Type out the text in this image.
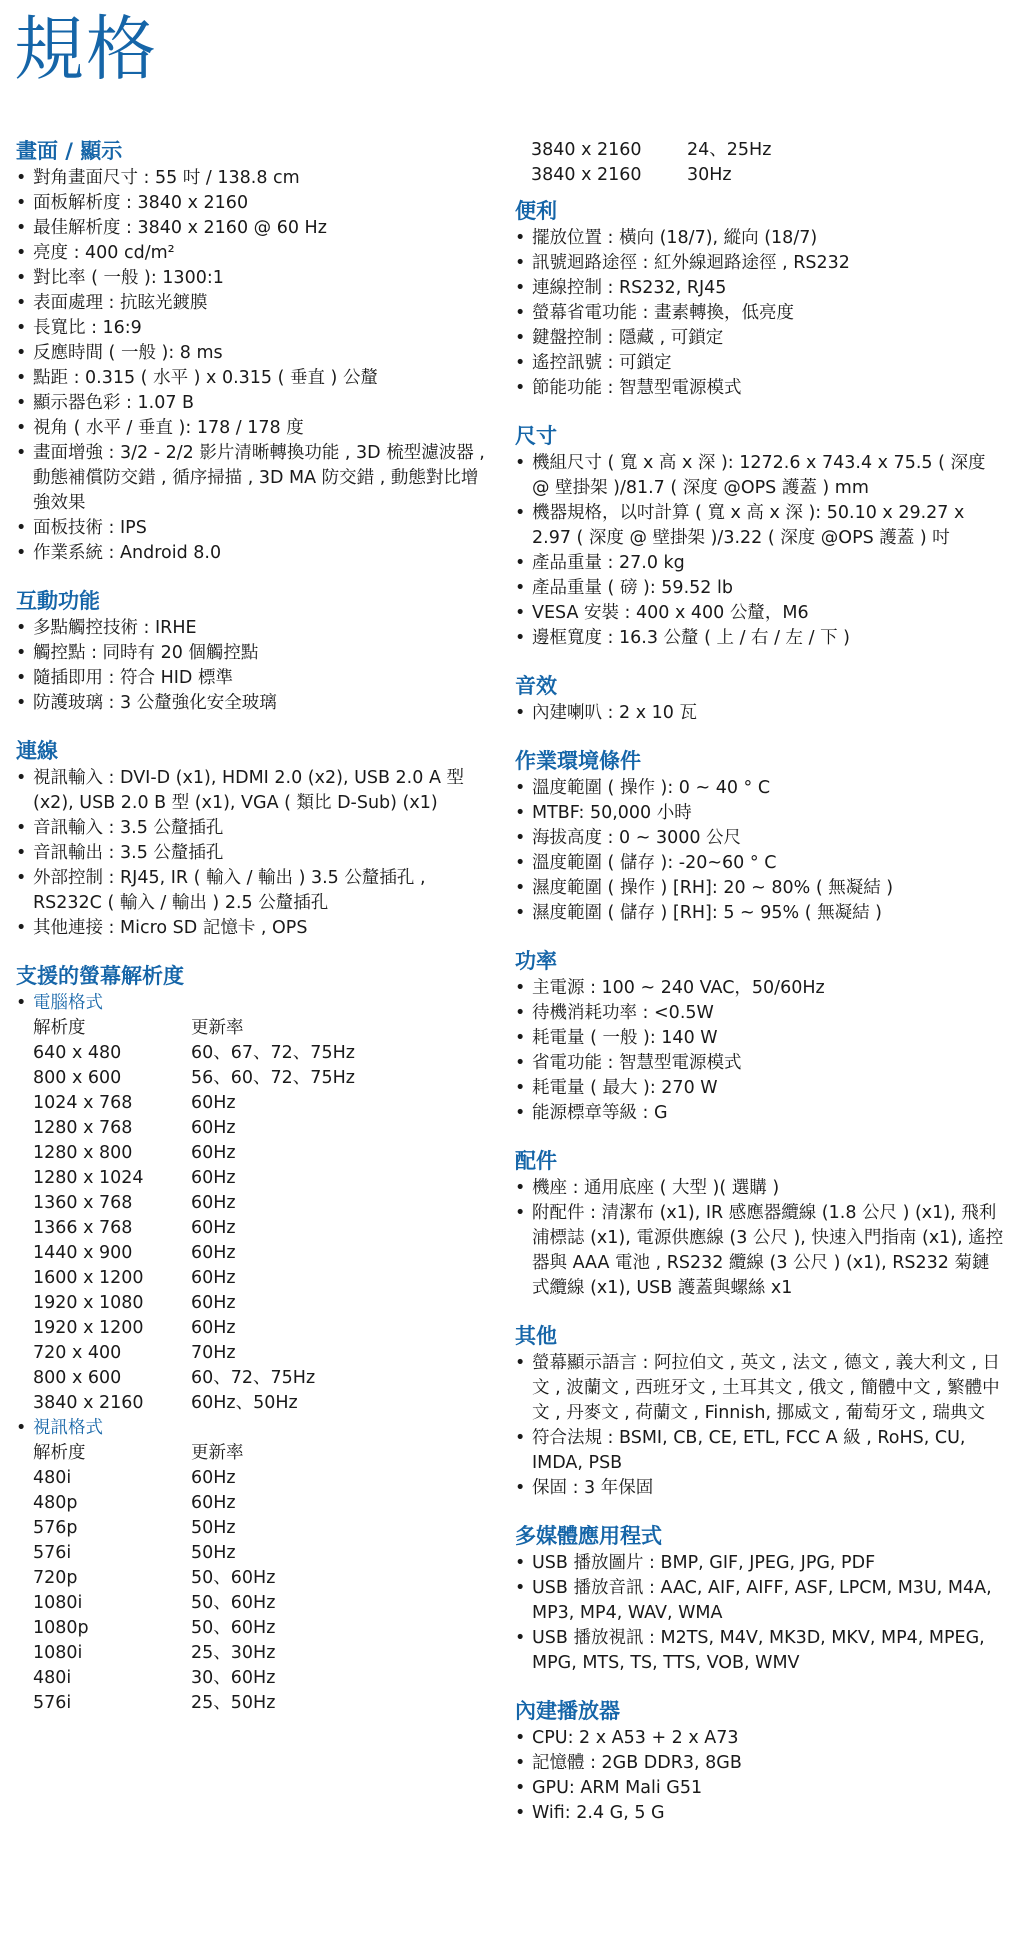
規格
畫面 / 顯示
• 對角畫面尺寸 : 55 吋 / 138.8 cm
• 面板解析度 : 3840 x 2160
• 最佳解析度 : 3840 x 2160 @ 60 Hz
• 亮度 : 400 cd/m²
• 對比率 ( 一般 ): 1300:1
• 表面處理 : 抗眩光鍍膜
• 長寬比 : 16:9
• 反應時間 ( 一般 ): 8 ms
• 點距 : 0.315 ( 水平 ) x 0.315 ( 垂直 ) 公釐
• 顯示器色彩 : 1.07 B
• 視角 ( 水平 / 垂直 ): 178 / 178 度
• 畫面增強 : 3/2 - 2/2 影片清晰轉換功能 , 3D 梳型濾波器 , 動態補償防交錯 , 循序掃描 , 3D MA 防交錯 , 動態對比增強效果
• 面板技術 : IPS
• 作業系統 : Android 8.0
互動功能
• 多點觸控技術 : IRHE
• 觸控點 : 同時有 20 個觸控點
• 隨插即用 : 符合 HID 標準
• 防護玻璃 : 3 公釐強化安全玻璃
連線
• 視訊輸入 : DVI-D (x1), HDMI 2.0 (x2), USB 2.0 A 型 (x2), USB 2.0 B 型 (x1), VGA ( 類比 D-Sub) (x1)
• 音訊輸入 : 3.5 公釐插孔
• 音訊輸出 : 3.5 公釐插孔
• 外部控制 : RJ45, IR ( 輸入 / 輸出 ) 3.5 公釐插孔 , RS232C ( 輸入 / 輸出 ) 2.5 公釐插孔
• 其他連接 : Micro SD 記憶卡 , OPS
支援的螢幕解析度
• 電腦格式
解析度	更新率
640 x 480	60、67、72、75Hz
800 x 600	56、60、72、75Hz
1024 x 768	60Hz
1280 x 768	60Hz
1280 x 800	60Hz
1280 x 1024	60Hz
1360 x 768	60Hz
1366 x 768	60Hz
1440 x 900	60Hz
1600 x 1200	60Hz
1920 x 1080	60Hz
1920 x 1200	60Hz
720 x 400	70Hz
800 x 600	60、72、75Hz
3840 x 2160	60Hz、50Hz
• 視訊格式
解析度	更新率
480i	60Hz
480p	60Hz
576p	50Hz
576i	50Hz
720p	50、60Hz
1080i	50、60Hz
1080p	50、60Hz
1080i	25、30Hz
480i	30、60Hz
576i	25、50Hz
3840 x 2160	24、25Hz
3840 x 2160	30Hz
便利
• 擺放位置 : 橫向 (18/7), 縱向 (18/7)
• 訊號迴路途徑 : 紅外線迴路途徑 , RS232
• 連線控制 : RS232, RJ45
• 螢幕省電功能 : 畫素轉換，低亮度
• 鍵盤控制 : 隱藏 , 可鎖定
• 遙控訊號 : 可鎖定
• 節能功能 : 智慧型電源模式
尺寸
• 機組尺寸 ( 寬 x 高 x 深 ): 1272.6 x 743.4 x 75.5 ( 深度 @ 壁掛架 )/81.7 ( 深度 @OPS 護蓋 ) mm
• 機器規格，以吋計算 ( 寬 x 高 x 深 ): 50.10 x 29.27 x 2.97 ( 深度 @ 壁掛架 )/3.22 ( 深度 @OPS 護蓋 ) 吋
• 產品重量 : 27.0 kg
• 產品重量 ( 磅 ): 59.52 lb
• VESA 安裝 : 400 x 400 公釐，M6
• 邊框寬度 : 16.3 公釐 ( 上 / 右 / 左 / 下 )
音效
• 內建喇叭 : 2 x 10 瓦
作業環境條件
• 溫度範圍 ( 操作 ): 0 ~ 40 ° C
• MTBF: 50,000 小時
• 海拔高度 : 0 ~ 3000 公尺
• 溫度範圍 ( 儲存 ): -20~60 ° C
• 濕度範圍 ( 操作 ) [RH]: 20 ~ 80% ( 無凝結 )
• 濕度範圍 ( 儲存 ) [RH]: 5 ~ 95% ( 無凝結 )
功率
• 主電源 : 100 ~ 240 VAC，50/60Hz
• 待機消耗功率 : <0.5W
• 耗電量 ( 一般 ): 140 W
• 省電功能 : 智慧型電源模式
• 耗電量 ( 最大 ): 270 W
• 能源標章等級 : G
配件
• 機座 : 通用底座 ( 大型 )( 選購 )
• 附配件 : 清潔布 (x1), IR 感應器纜線 (1.8 公尺 ) (x1), 飛利浦標誌 (x1), 電源供應線 (3 公尺 ), 快速入門指南 (x1), 遙控器與 AAA 電池 , RS232 纜線 (3 公尺 ) (x1), RS232 菊鏈式纜線 (x1), USB 護蓋與螺絲 x1
其他
• 螢幕顯示語言 : 阿拉伯文 , 英文 , 法文 , 德文 , 義大利文 , 日文 , 波蘭文 , 西班牙文 , 土耳其文 , 俄文 , 簡體中文 , 繁體中文 , 丹麥文 , 荷蘭文 , Finnish, 挪威文 , 葡萄牙文 , 瑞典文
• 符合法規 : BSMI, CB, CE, ETL, FCC A 級 , RoHS, CU, IMDA, PSB
• 保固 : 3 年保固
多媒體應用程式
• USB 播放圖片 : BMP, GIF, JPEG, JPG, PDF
• USB 播放音訊 : AAC, AIF, AIFF, ASF, LPCM, M3U, M4A, MP3, MP4, WAV, WMA
• USB 播放視訊 : M2TS, M4V, MK3D, MKV, MP4, MPEG, MPG, MTS, TS, TTS, VOB, WMV
內建播放器
• CPU: 2 x A53 + 2 x A73
• 記憶體 : 2GB DDR3, 8GB
• GPU: ARM Mali G51
• Wifi: 2.4 G, 5 G
